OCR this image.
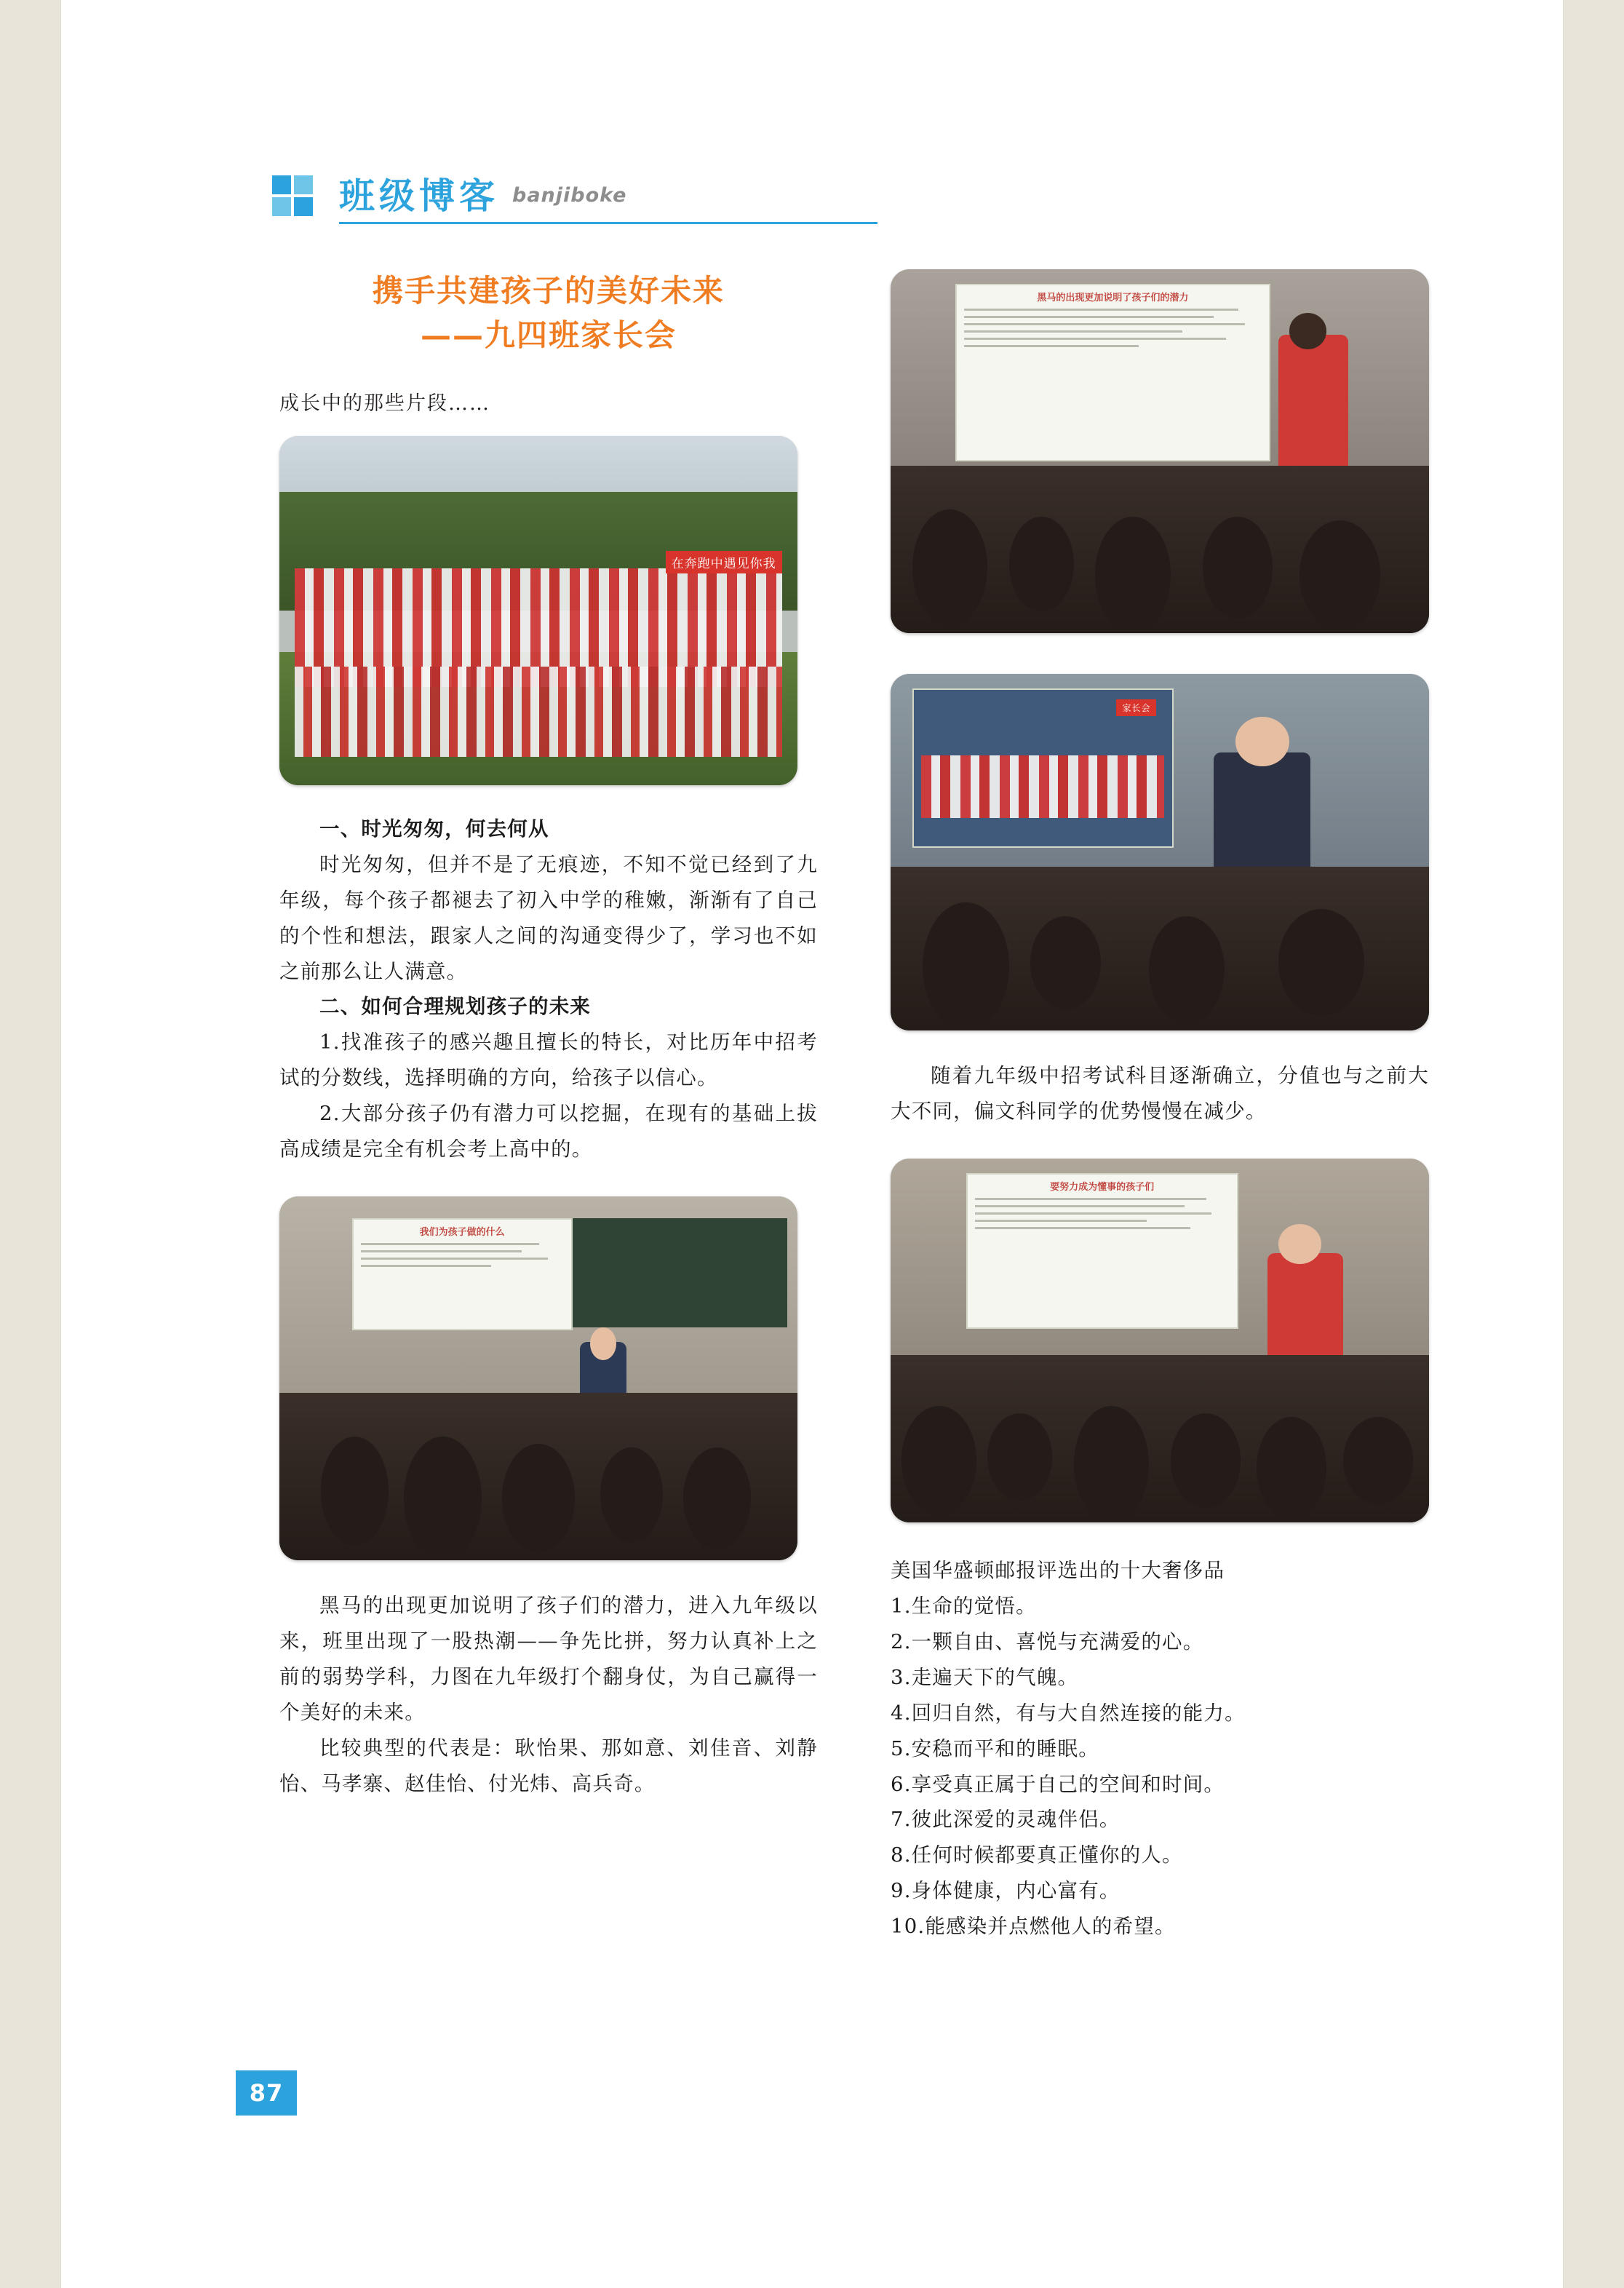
班级博客 banjiboke
携手共建孩子的美好未来
——九四班家长会
成长中的那些片段……
在奔跑中遇见你我

一、时光匆匆，何去何从

时光匆匆，但并不是了无痕迹，不知不觉已经到了九年级，每个孩子都褪去了初入中学的稚嫩，渐渐有了自己的个性和想法，跟家人之间的沟通变得少了，学习也不如之前那么让人满意。

二、如何合理规划孩子的未来

1.找准孩子的感兴趣且擅长的特长，对比历年中招考试的分数线，选择明确的方向，给孩子以信心。

2.大部分孩子仍有潜力可以挖掘，在现有的基础上拔高成绩是完全有机会考上高中的。

我们为孩子做的什么

黑马的出现更加说明了孩子们的潜力，进入九年级以来，班里出现了一股热潮——争先比拼，努力认真补上之前的弱势学科，力图在九年级打个翻身仗，为自己赢得一个美好的未来。

比较典型的代表是：耿怡果、那如意、刘佳音、刘静怡、马孝寨、赵佳怡、付光炜、高兵奇。

黑马的出现更加说明了孩子们的潜力
家长会

随着九年级中招考试科目逐渐确立，分值也与之前大大不同，偏文科同学的优势慢慢在减少。

要努力成为懂事的孩子们

美国华盛顿邮报评选出的十大奢侈品

1.生命的觉悟。

2.一颗自由、喜悦与充满爱的心。

3.走遍天下的气魄。

4.回归自然，有与大自然连接的能力。

5.安稳而平和的睡眠。

6.享受真正属于自己的空间和时间。

7.彼此深爱的灵魂伴侣。

8.任何时候都要真正懂你的人。

9.身体健康，内心富有。

10.能感染并点燃他人的希望。

87
